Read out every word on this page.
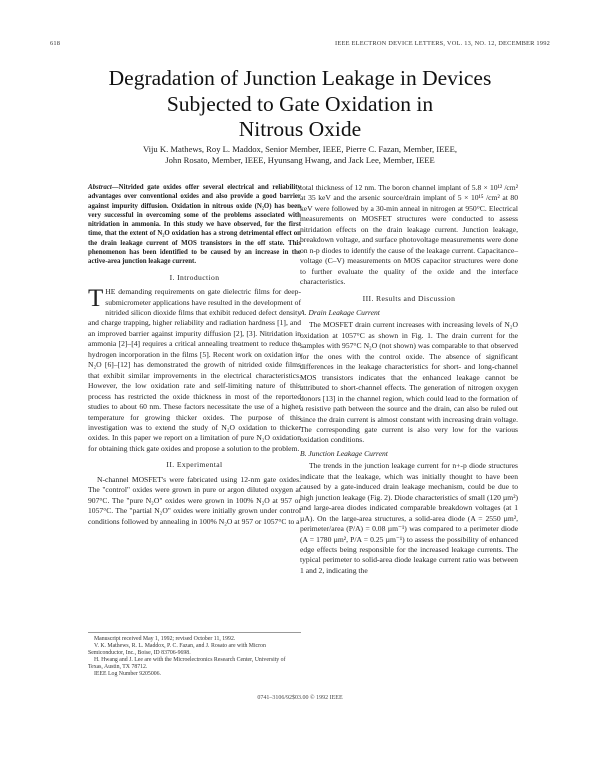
618	IEEE ELECTRON DEVICE LETTERS, VOL. 13, NO. 12, DECEMBER 1992
Degradation of Junction Leakage in Devices
Subjected to Gate Oxidation in
Nitrous Oxide
Viju K. Mathews, Roy L. Maddox, Senior Member, IEEE, Pierre C. Fazan, Member, IEEE,
John Rosato, Member, IEEE, Hyunsang Hwang, and Jack Lee, Member, IEEE
Abstract—Nitrided gate oxides offer several electrical and reliability advantages over conventional oxides and also provide a good barrier against impurity diffusion. Oxidation in nitrous oxide (N₂O) has been very successful in overcoming some of the problems associated with nitridation in ammonia. In this study we have observed, for the first time, that the extent of N₂O oxidation has a strong detrimental effect on the drain leakage current of MOS transistors in the off state. This phenomenon has been identified to be caused by an increase in the active-area junction leakage current.
I. Introduction

THE demanding requirements on gate dielectric films for deep-submicrometer applications have resulted in the development of nitrided silicon dioxide films that exhibit reduced defect density and charge trapping, higher reliability and radiation hardness [1], and an improved barrier against impurity diffusion [2], [3]. Nitridation in ammonia [2]–[4] requires a critical annealing treatment to reduce the hydrogen incorporation in the films [5]. Recent work on oxidation in N₂O [6]–[12] has demonstrated the growth of nitrided oxide films that exhibit similar improvements in the electrical characteristics. However, the low oxidation rate and self-limiting nature of this process has restricted the oxide thickness in most of the reported studies to about 60 nm. These factors necessitate the use of a higher temperature for growing thicker oxides. The purpose of this investigation was to extend the study of N₂O oxidation to thicker oxides. In this paper we report on a limitation of pure N₂O oxidation for obtaining thick gate oxides and propose a solution to the problem.

II. Experimental

N-channel MOSFET's were fabricated using 12-nm gate oxides. The "control" oxides were grown in pure or argon diluted oxygen at 907°C. The "pure N₂O" oxides were grown in 100% N₂O at 957 or 1057°C. The "partial N₂O" oxides were initially grown under control conditions followed by annealing in 100% N₂O at 957 or 1057°C to a

Manuscript received May 1, 1992; revised October 11, 1992.
V. K. Mathews, R. L. Maddox, P. C. Fazan, and J. Rosato are with Micron Semiconductor, Inc., Boise, ID 83706-9698.
H. Hwang and J. Lee are with the Microelectronics Research Center, University of Texas, Austin, TX 78712.
IEEE Log Number 9205006.

total thickness of 12 nm. The boron channel implant of 5.8 × 10¹² /cm² at 35 keV and the arsenic source/drain implant of 5 × 10¹⁵ /cm² at 80 keV were followed by a 30-min anneal in nitrogen at 950°C. Electrical measurements on MOSFET structures were conducted to assess nitridation effects on the drain leakage current. Junction leakage, breakdown voltage, and surface photovoltage measurements were done on n-p diodes to identify the cause of the leakage current. Capacitance–voltage (C–V) measurements on MOS capacitor structures were done to further evaluate the quality of the oxide and the interface characteristics.

III. Results and Discussion
A. Drain Leakage Current

The MOSFET drain current increases with increasing levels of N₂O oxidation at 1057°C as shown in Fig. 1. The drain current for the samples with 957°C N₂O (not shown) was comparable to that observed for the ones with the control oxide. The absence of significant differences in the leakage characteristics for short- and long-channel MOS transistors indicates that the enhanced leakage cannot be attributed to short-channel effects. The generation of nitrogen oxygen donors [13] in the channel region, which could lead to the formation of a resistive path between the source and the drain, can also be ruled out since the drain current is almost constant with increasing drain voltage. The corresponding gate current is also very low for the various oxidation conditions.

B. Junction Leakage Current

The trends in the junction leakage current for n+-p diode structures indicate that the leakage, which was initially thought to have been caused by a gate-induced drain leakage mechanism, could be due to high junction leakage (Fig. 2). Diode characteristics of small (120 µm²) and large-area diodes indicated comparable breakdown voltages (at 1 µA). On the large-area structures, a solid-area diode (A = 2550 µm², perimeter/area (P/A) = 0.08 µm⁻¹) was compared to a perimeter diode (A = 1780 µm², P/A = 0.25 µm⁻¹) to assess the possibility of enhanced edge effects being responsible for the increased leakage currents. The typical perimeter to solid-area diode leakage current ratio was between 1 and 2, indicating the

0741–3106/92$03.00 © 1992 IEEE
